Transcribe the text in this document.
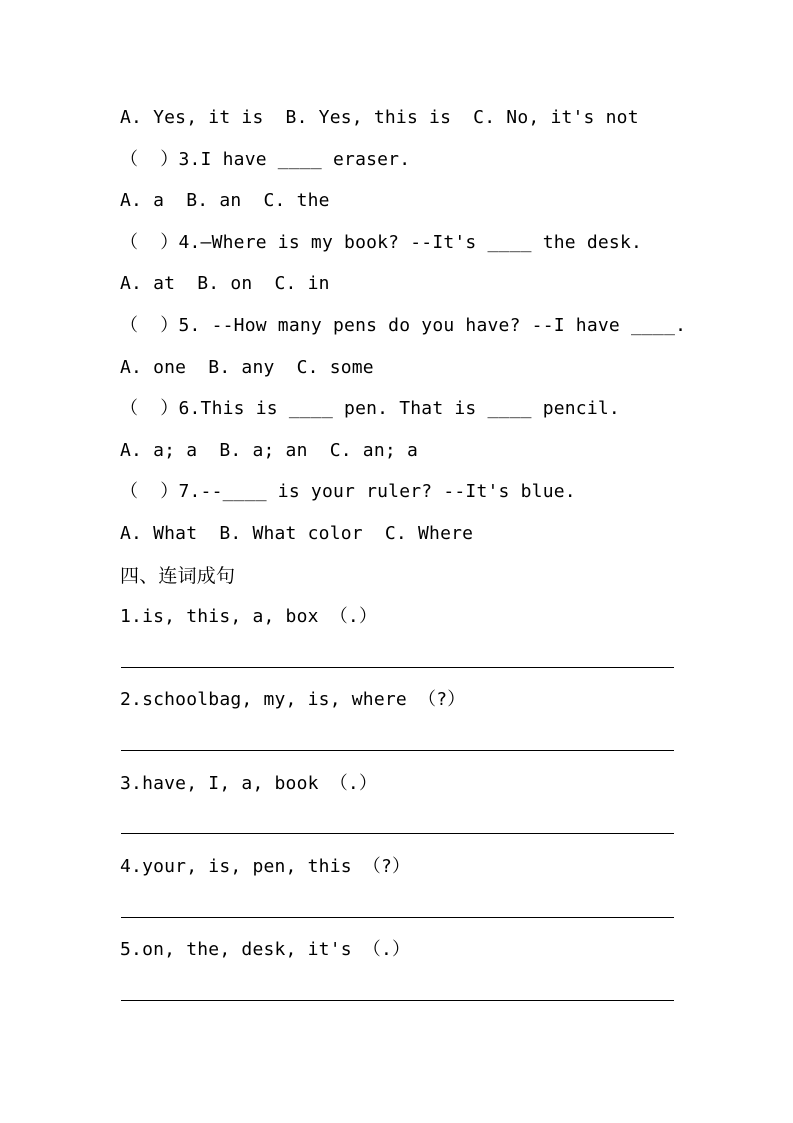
A. Yes, it is  B. Yes, this is  C. No, it's not
（  ）3.I have ____ eraser.
A. a  B. an  C. the
（  ）4.—Where is my book? --It's ____ the desk.
A. at  B. on  C. in
（  ）5. --How many pens do you have? --I have ____.
A. one  B. any  C. some
（  ）6.This is ____ pen. That is ____ pencil.
A. a; a  B. a; an  C. an; a
（  ）7.--____ is your ruler? --It's blue.
A. What  B. What color  C. Where
四、连词成句
1.is, this, a, box （.）
2.schoolbag, my, is, where （?）
3.have, I, a, book （.）
4.your, is, pen, this （?）
5.on, the, desk, it's （.）
